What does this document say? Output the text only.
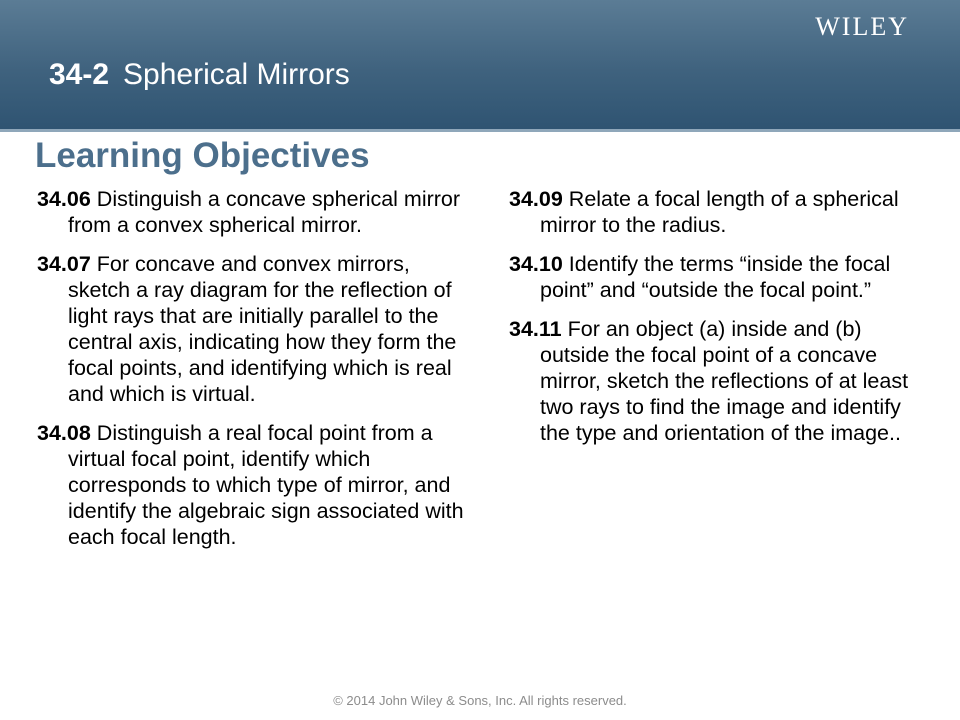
WILEY
34-2 Spherical Mirrors
Learning Objectives

34.06 Distinguish a concave spherical mirror from a convex spherical mirror.

34.07 For concave and convex mirrors, sketch a ray diagram for the reflection of light rays that are initially parallel to the central axis, indicating how they form the focal points, and identifying which is real and which is virtual.

34.08 Distinguish a real focal point from a virtual focal point, identify which corresponds to which type of mirror, and identify the algebraic sign associated with each focal length.

34.09 Relate a focal length of a spherical mirror to the radius.

34.10 Identify the terms “inside the focal point” and “outside the focal point.”

34.11 For an object (a) inside and (b) outside the focal point of a concave mirror, sketch the reflections of at least two rays to find the image and identify the type and orientation of the image..

© 2014 John Wiley & Sons, Inc. All rights reserved.
